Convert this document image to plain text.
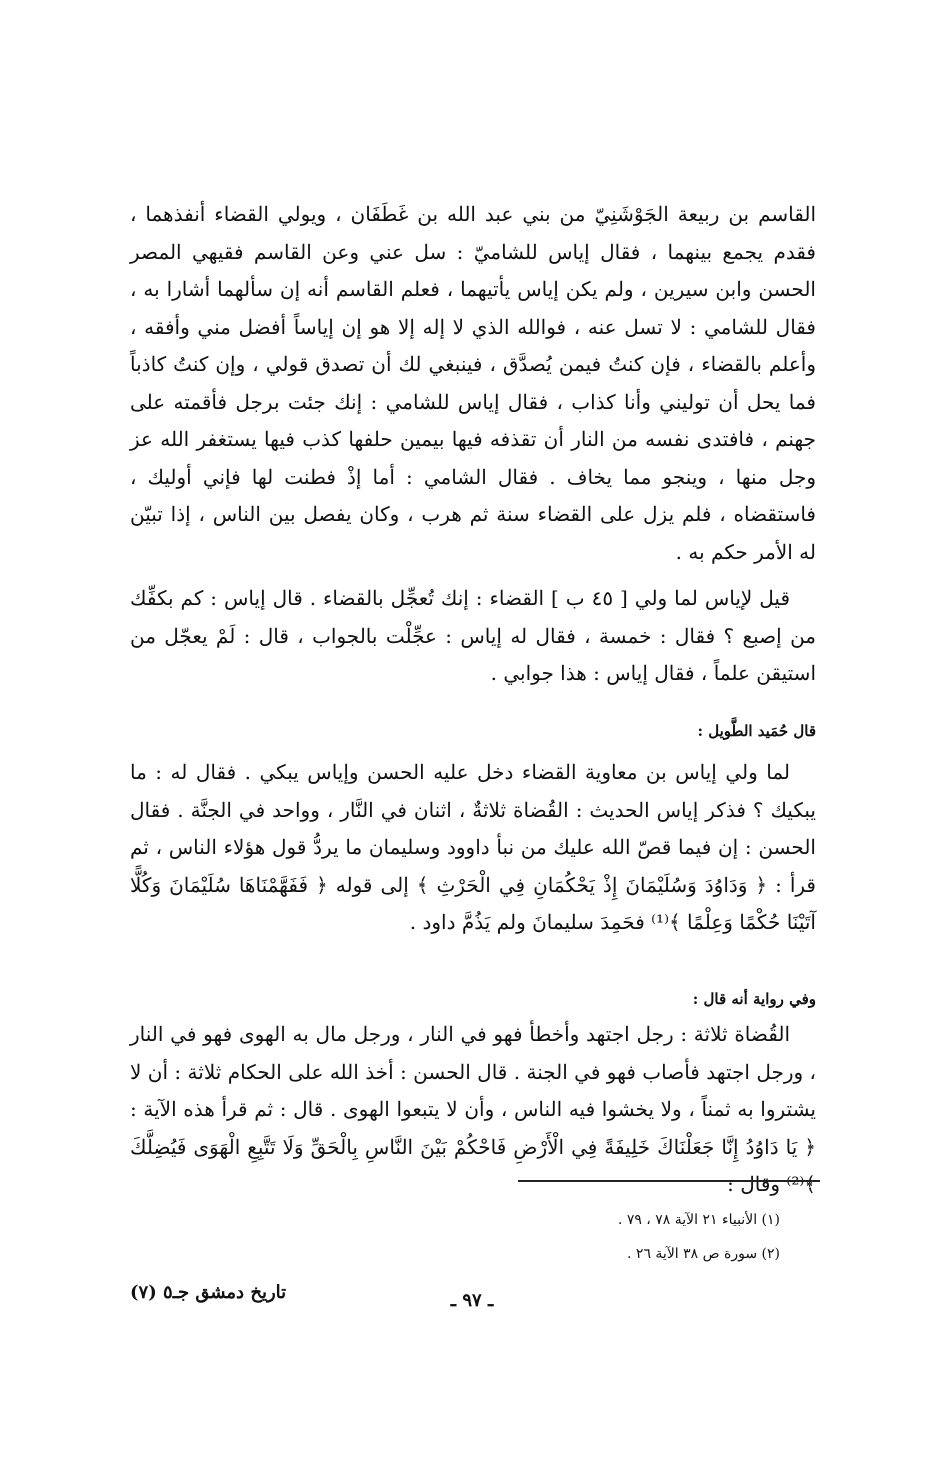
القاسم بن ربيعة الجَوْشَنِيّ من بني عبد الله بن غَطَفَان ، ويولي القضاء أنفذهما ، فقدم يجمع بينهما ، فقال إياس للشاميّ : سل عني وعن القاسم فقيهي المصر الحسن وابن سيرين ، ولم يكن إياس يأتيهما ، فعلم القاسم أنه إن سألهما أشارا به ، فقال للشامي : لا تسل عنه ، فوالله الذي لا إله إلا هو إن إياساً أفضل مني وأفقه ، وأعلم بالقضاء ، فإن كنتُ فيمن يُصدَّق ، فينبغي لك أن تصدق قولي ، وإن كنتُ كاذباً فما يحل أن توليني وأنا كذاب ، فقال إياس للشامي : إنك جئت برجل فأقمته على جهنم ، فافتدى نفسه من النار أن تقذفه فيها بيمين حلفها كذب فيها يستغفر الله عز وجل منها ، وينجو مما يخاف . فقال الشامي : أما إذْ فطنت لها فإني أوليك ، فاستقضاه ، فلم يزل على القضاء سنة ثم هرب ، وكان يفصل بين الناس ، إذا تبيّن له الأمر حكم به .

قيل لإياس لما ولي [ ٤٥ ب ] القضاء : إنك تُعجِّل بالقضاء . قال إياس : كم بكفِّك من إصبع ؟ فقال : خمسة ، فقال له إياس : عجِّلْت بالجواب ، قال : لَمْ يعجّل من استيقن علماً ، فقال إياس : هذا جوابي .

قال حُمَيد الطَّويل :

لما ولي إياس بن معاوية القضاء دخل عليه الحسن وإياس يبكي . فقال له : ما يبكيك ؟ فذكر إياس الحديث : القُضاة ثلاثةٌ ، اثنان في النَّار ، وواحد في الجنَّة . فقال الحسن : إن فيما قصّ الله عليك من نبأ داوود وسليمان ما يردُّ قول هؤلاء الناس ، ثم قرأ : ﴿ وَدَاوُدَ وَسُلَيْمَانَ إِذْ يَحْكُمَانِ فِي الْحَرْثِ ﴾ إلى قوله ﴿ فَفَهَّمْنَاهَا سُلَيْمَانَ وَكُلًّا آتَيْنَا حُكْمًا وَعِلْمًا ﴾⁽¹⁾ فحَمِدَ سليمانَ ولم يَذُمَّ داود .

وفي رواية أنه قال :

القُضاة ثلاثة : رجل اجتهد وأخطأ فهو في النار ، ورجل مال به الهوى فهو في النار ، ورجل اجتهد فأصاب فهو في الجنة . قال الحسن : أخذ الله على الحكام ثلاثة : أن لا يشتروا به ثمناً ، ولا يخشوا فيه الناس ، وأن لا يتبعوا الهوى . قال : ثم قرأ هذه الآية : ﴿ يَا دَاوُدُ إِنَّا جَعَلْنَاكَ خَلِيفَةً فِي الْأَرْضِ فَاحْكُمْ بَيْنَ النَّاسِ بِالْحَقِّ وَلَا تَتَّبِعِ الْهَوَى فَيُضِلَّكَ ﴾⁽²⁾ وقال :

(١) الأنبياء ٢١ الآية ٧٨ ، ٧٩ .

(٢) سورة ص ٣٨ الآية ٢٦ .

تاريخ دمشق جـ٥ (٧)	ـ ٩٧ ـ
